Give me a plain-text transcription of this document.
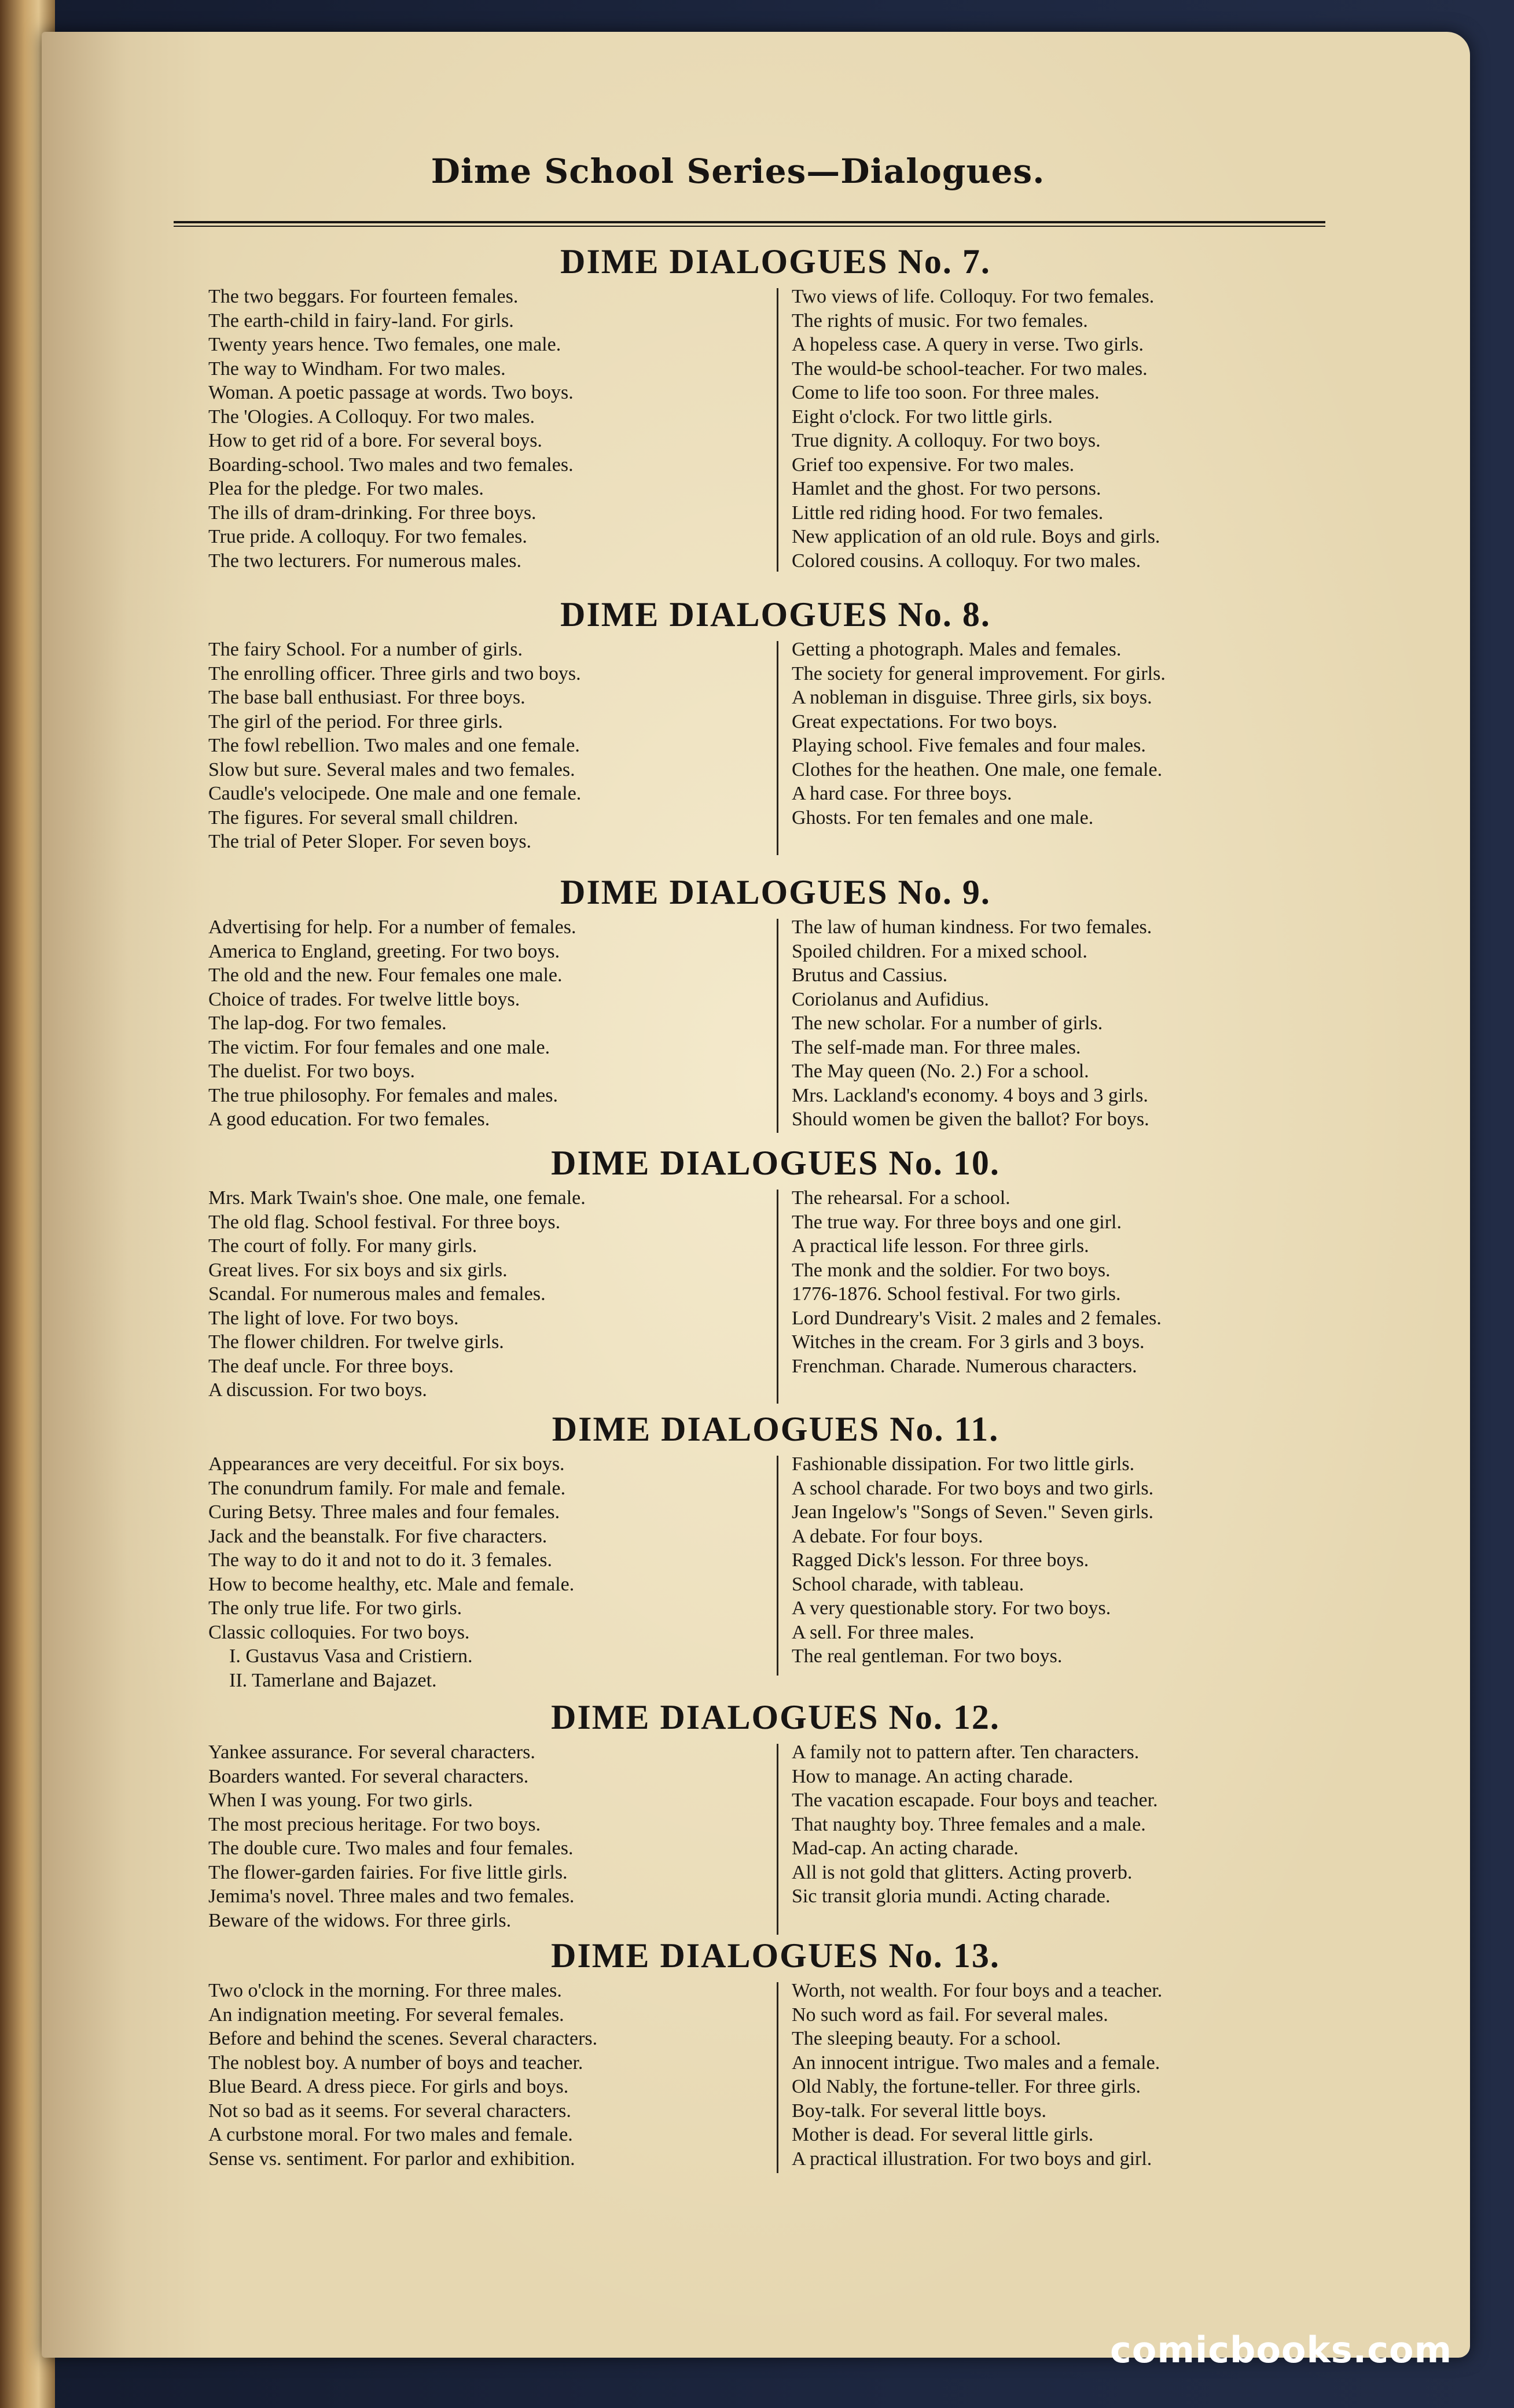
Dime School Series—Dialogues.
DIME DIALOGUES No. 7.
The two beggars. For fourteen females.
The earth-child in fairy-land. For girls.
Twenty years hence. Two females, one male.
The way to Windham. For two males.
Woman. A poetic passage at words. Two boys.
The 'Ologies. A Colloquy. For two males.
How to get rid of a bore. For several boys.
Boarding-school. Two males and two females.
Plea for the pledge. For two males.
The ills of dram-drinking. For three boys.
True pride. A colloquy. For two females.
The two lecturers. For numerous males.
Two views of life. Colloquy. For two females.
The rights of music. For two females.
A hopeless case. A query in verse. Two girls.
The would-be school-teacher. For two males.
Come to life too soon. For three males.
Eight o'clock. For two little girls.
True dignity. A colloquy. For two boys.
Grief too expensive. For two males.
Hamlet and the ghost. For two persons.
Little red riding hood. For two females.
New application of an old rule. Boys and girls.
Colored cousins. A colloquy. For two males.
DIME DIALOGUES No. 8.
The fairy School. For a number of girls.
The enrolling officer. Three girls and two boys.
The base ball enthusiast. For three boys.
The girl of the period. For three girls.
The fowl rebellion. Two males and one female.
Slow but sure. Several males and two females.
Caudle's velocipede. One male and one female.
The figures. For several small children.
The trial of Peter Sloper. For seven boys.
Getting a photograph. Males and females.
The society for general improvement. For girls.
A nobleman in disguise. Three girls, six boys.
Great expectations. For two boys.
Playing school. Five females and four males.
Clothes for the heathen. One male, one female.
A hard case. For three boys.
Ghosts. For ten females and one male.
DIME DIALOGUES No. 9.
Advertising for help. For a number of females.
America to England, greeting. For two boys.
The old and the new. Four females one male.
Choice of trades. For twelve little boys.
The lap-dog. For two females.
The victim. For four females and one male.
The duelist. For two boys.
The true philosophy. For females and males.
A good education. For two females.
The law of human kindness. For two females.
Spoiled children. For a mixed school.
Brutus and Cassius.
Coriolanus and Aufidius.
The new scholar. For a number of girls.
The self-made man. For three males.
The May queen (No. 2.) For a school.
Mrs. Lackland's economy. 4 boys and 3 girls.
Should women be given the ballot? For boys.
DIME DIALOGUES No. 10.
Mrs. Mark Twain's shoe. One male, one female.
The old flag. School festival. For three boys.
The court of folly. For many girls.
Great lives. For six boys and six girls.
Scandal. For numerous males and females.
The light of love. For two boys.
The flower children. For twelve girls.
The deaf uncle. For three boys.
A discussion. For two boys.
The rehearsal. For a school.
The true way. For three boys and one girl.
A practical life lesson. For three girls.
The monk and the soldier. For two boys.
1776-1876. School festival. For two girls.
Lord Dundreary's Visit. 2 males and 2 females.
Witches in the cream. For 3 girls and 3 boys.
Frenchman. Charade. Numerous characters.
DIME DIALOGUES No. 11.
Appearances are very deceitful. For six boys.
The conundrum family. For male and female.
Curing Betsy. Three males and four females.
Jack and the beanstalk. For five characters.
The way to do it and not to do it. 3 females.
How to become healthy, etc. Male and female.
The only true life. For two girls.
Classic colloquies. For two boys.
I. Gustavus Vasa and Cristiern.
II. Tamerlane and Bajazet.
Fashionable dissipation. For two little girls.
A school charade. For two boys and two girls.
Jean Ingelow's "Songs of Seven." Seven girls.
A debate. For four boys.
Ragged Dick's lesson. For three boys.
School charade, with tableau.
A very questionable story. For two boys.
A sell. For three males.
The real gentleman. For two boys.
DIME DIALOGUES No. 12.
Yankee assurance. For several characters.
Boarders wanted. For several characters.
When I was young. For two girls.
The most precious heritage. For two boys.
The double cure. Two males and four females.
The flower-garden fairies. For five little girls.
Jemima's novel. Three males and two females.
Beware of the widows. For three girls.
A family not to pattern after. Ten characters.
How to manage. An acting charade.
The vacation escapade. Four boys and teacher.
That naughty boy. Three females and a male.
Mad-cap. An acting charade.
All is not gold that glitters. Acting proverb.
Sic transit gloria mundi. Acting charade.
DIME DIALOGUES No. 13.
Two o'clock in the morning. For three males.
An indignation meeting. For several females.
Before and behind the scenes. Several characters.
The noblest boy. A number of boys and teacher.
Blue Beard. A dress piece. For girls and boys.
Not so bad as it seems. For several characters.
A curbstone moral. For two males and female.
Sense vs. sentiment. For parlor and exhibition.
Worth, not wealth. For four boys and a teacher.
No such word as fail. For several males.
The sleeping beauty. For a school.
An innocent intrigue. Two males and a female.
Old Nably, the fortune-teller. For three girls.
Boy-talk. For several little boys.
Mother is dead. For several little girls.
A practical illustration. For two boys and girl.
comicbooks.com
